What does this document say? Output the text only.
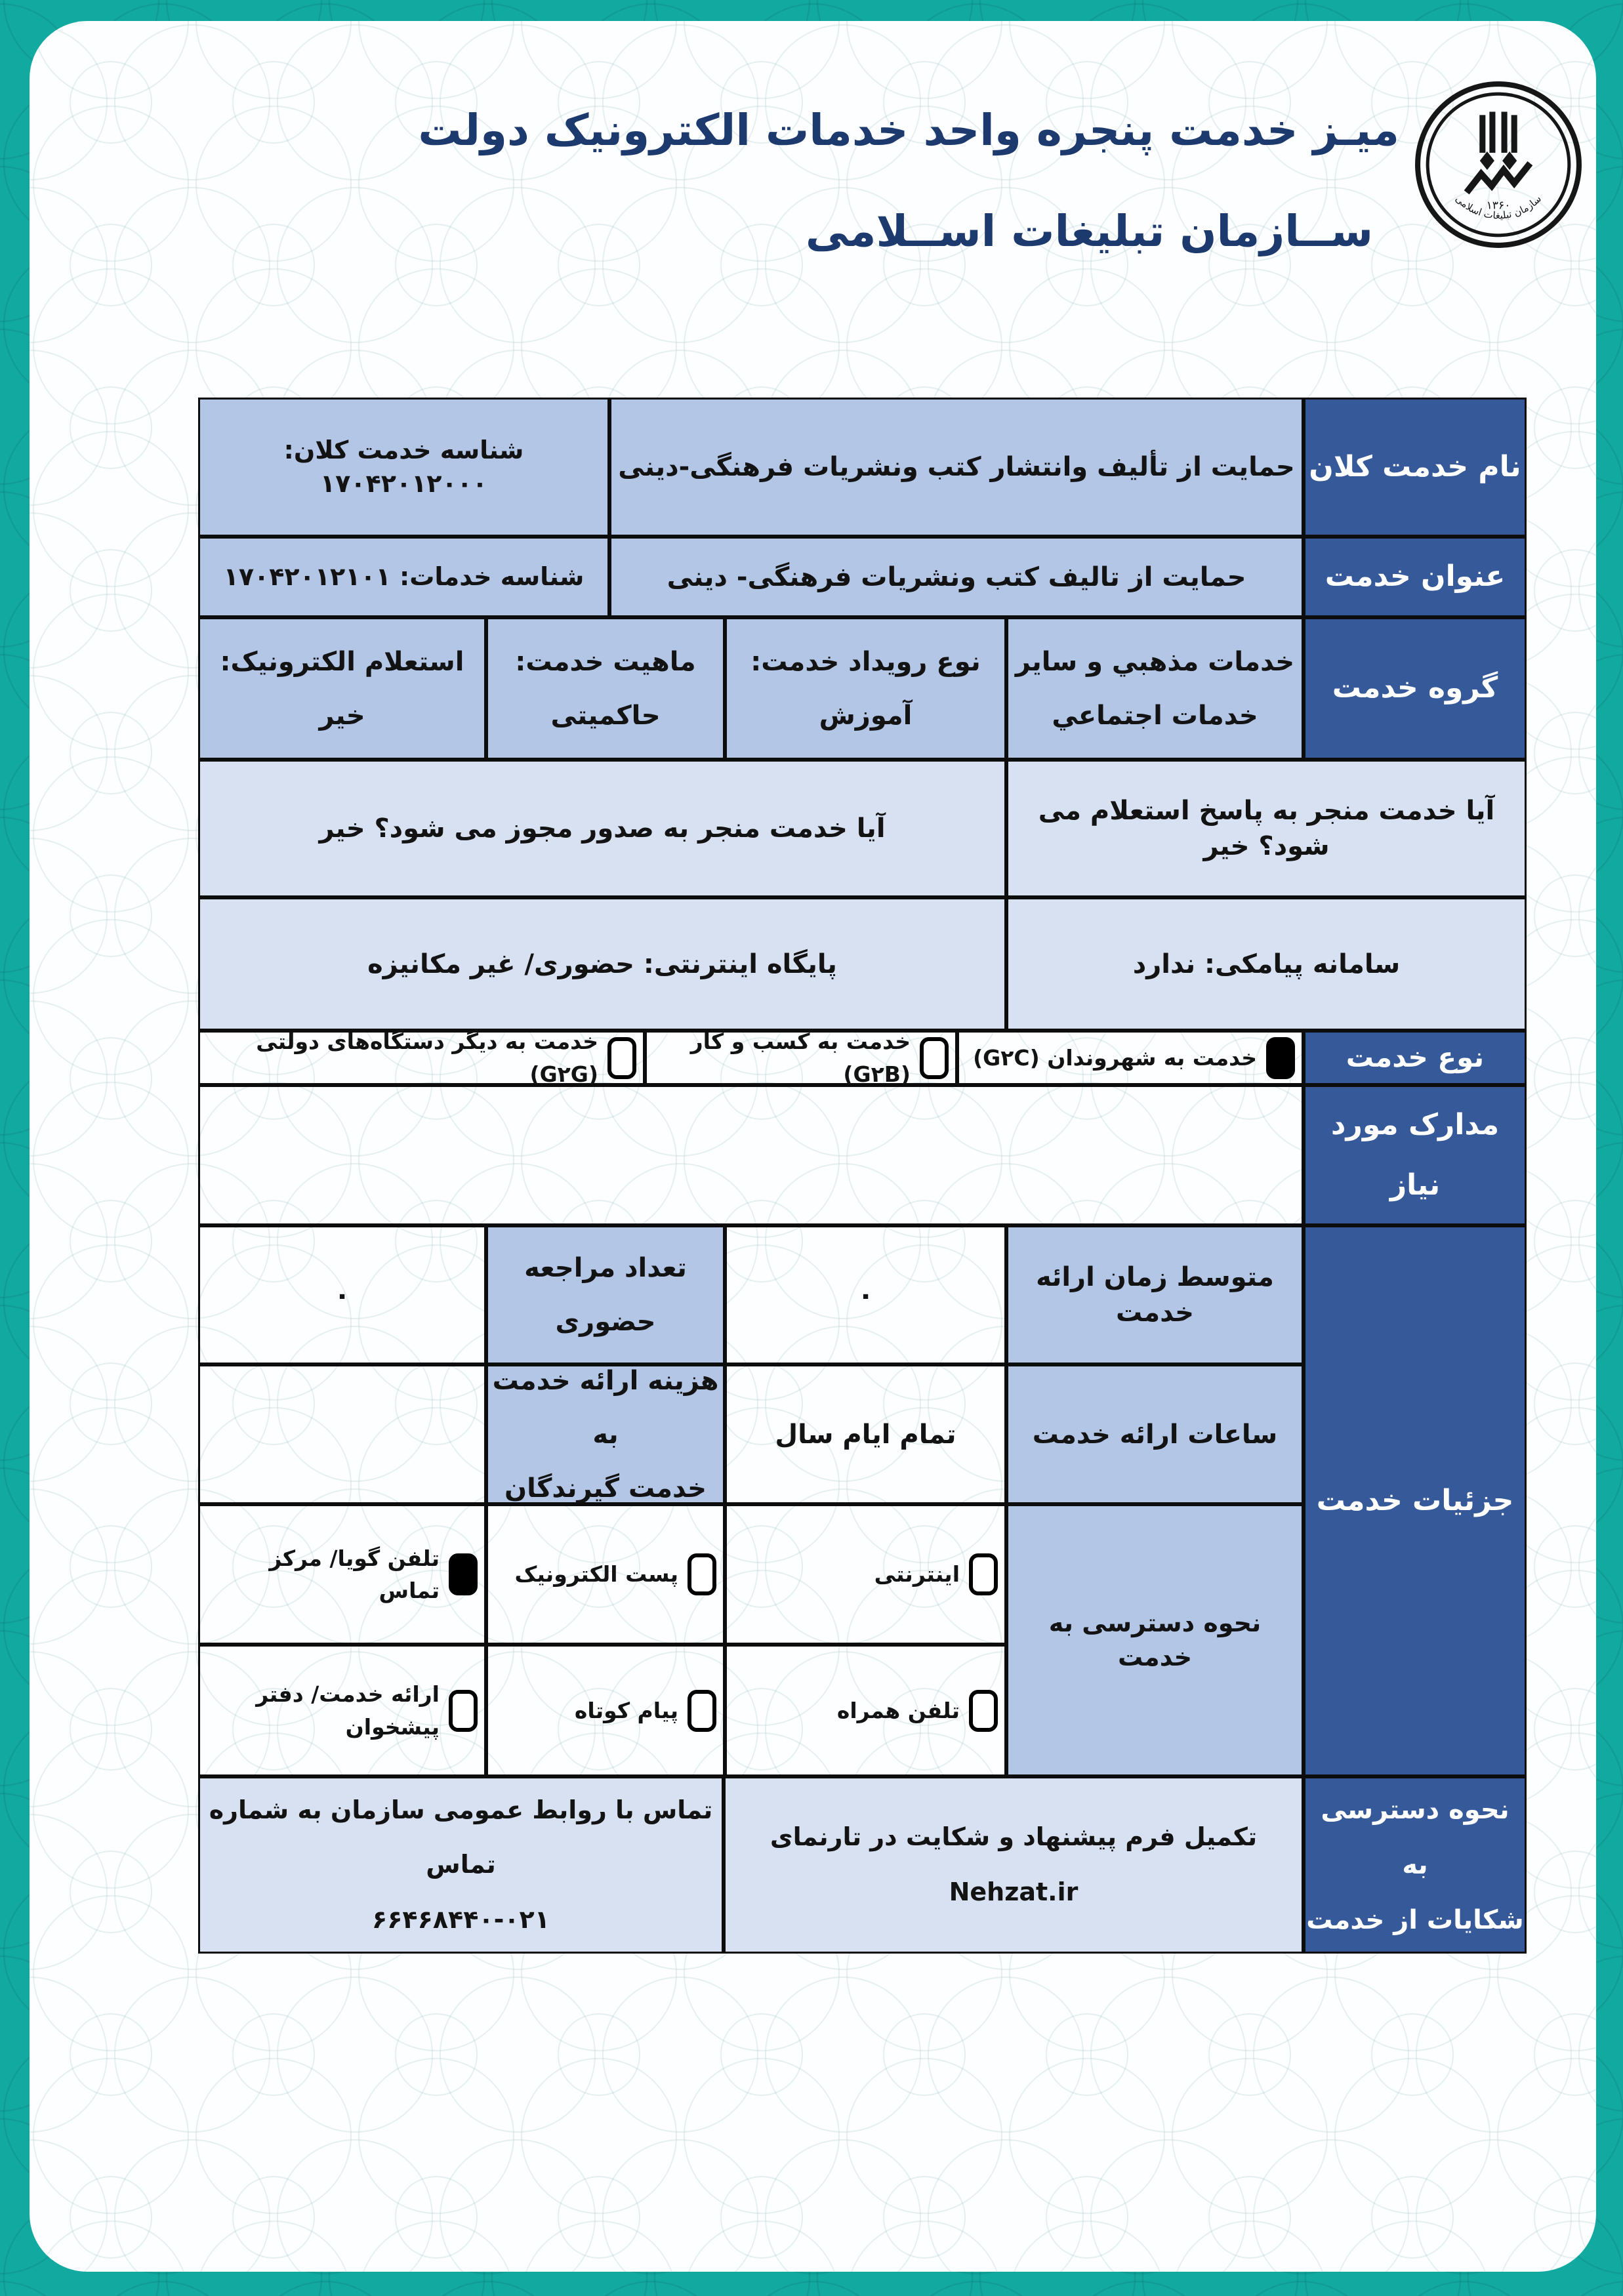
میـز خدمت پنجره واحد خدمات الکترونیک دولت
ســازمان تبلیغات اســلامی
۱۳۶۰
سازمان تبلیغات اسلامی
نام خدمت کلان
حمایت از تألیف وانتشار کتب ونشریات فرهنگی-دینی
شناسه خدمت کلان: ۱۷۰۴۲۰۱۲۰۰۰
عنوان خدمت
حمایت از تالیف کتب ونشریات فرهنگی- دینی
شناسه خدمات: ۱۷۰۴۲۰۱۲۱۰۱
گروه خدمت
خدمات مذهبي و ساير
خدمات اجتماعي
نوع رویداد خدمت:
آموزش
ماهیت خدمت:
حاکمیتی
استعلام الکترونیک:
خیر
آیا خدمت منجر به پاسخ استعلام می شود؟ خیر
آیا خدمت منجر به صدور مجوز می شود؟ خیر
سامانه پیامکی: ندارد
پایگاه اینترنتی: حضوری/ غیر مکانیزه
نوع خدمت
خدمت به شهروندان (G۲C)
خدمت به کسب و کار (G۲B)
خدمت به دیگر دستگاه‌های دولتی (G۲G)
مدارک مورد نیاز
جزئیات خدمت
متوسط زمان ارائه خدمت
۰
تعداد مراجعه
حضوری
۰
ساعات ارائه خدمت
تمام ایام سال
هزینه ارائه خدمت به
خدمت گیرندگان
نحوه دسترسی به خدمت
اینترنتی
پست الکترونیک
تلفن گویا/ مرکز تماس
تلفن همراه
پیام کوتاه
ارائه خدمت/ دفتر پیشخوان
نحوه دسترسی به
شکایات از خدمت
تکمیل فرم پیشنهاد و شکایت در تارنمای Nehzat.ir
تماس با روابط عمومی سازمان به شماره تماس
۶۶۴۶۸۴۴۰-۰۲۱
